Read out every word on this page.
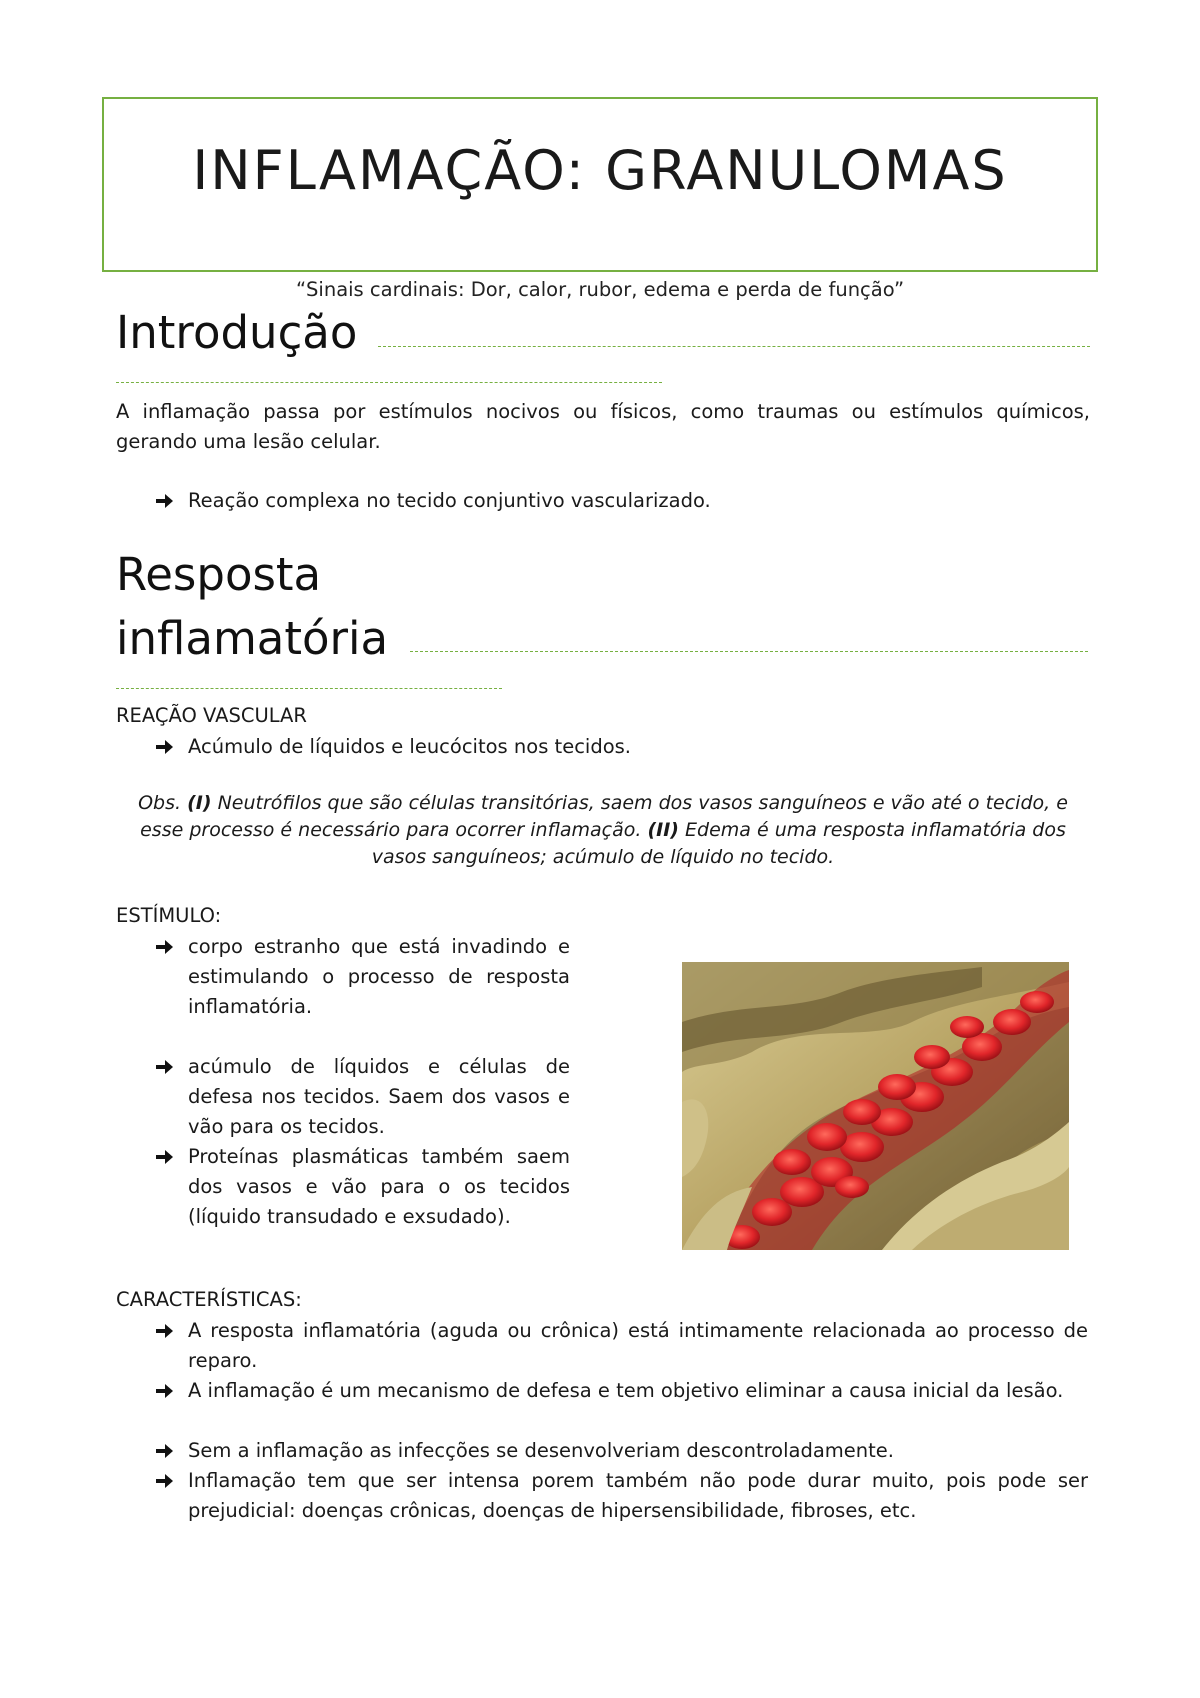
INFLAMAÇÃO: GRANULOMAS
“Sinais cardinais: Dor, calor, rubor, edema e perda de função”
Introdução
A inflamação passa por estímulos nocivos ou físicos, como traumas ou estímulos químicos, gerando uma lesão celular.
Reação complexa no tecido conjuntivo vascularizado.
Resposta
inflamatória
REAÇÃO VASCULAR
Acúmulo de líquidos e leucócitos nos tecidos.
Obs. (I) Neutrófilos que são células transitórias, saem dos vasos sanguíneos e vão até o tecido, e esse processo é necessário para ocorrer inflamação. (II) Edema é uma resposta inflamatória dos vasos sanguíneos; acúmulo de líquido no tecido.
ESTÍMULO:
corpo estranho que está invadindo e estimulando o processo de resposta inflamatória.
acúmulo de líquidos e células de defesa nos tecidos. Saem dos vasos e vão para os tecidos.
Proteínas plasmáticas também saem dos vasos e vão para o os tecidos (líquido transudado e exsudado).
CARACTERÍSTICAS:
A resposta inflamatória (aguda ou crônica) está intimamente relacionada ao processo de reparo.
A inflamação é um mecanismo de defesa e tem objetivo eliminar a causa inicial da lesão.
Sem a inflamação as infecções se desenvolveriam descontroladamente.
Inflamação tem que ser intensa porem também não pode durar muito, pois pode ser prejudicial: doenças crônicas, doenças de hipersensibilidade, fibroses, etc.
